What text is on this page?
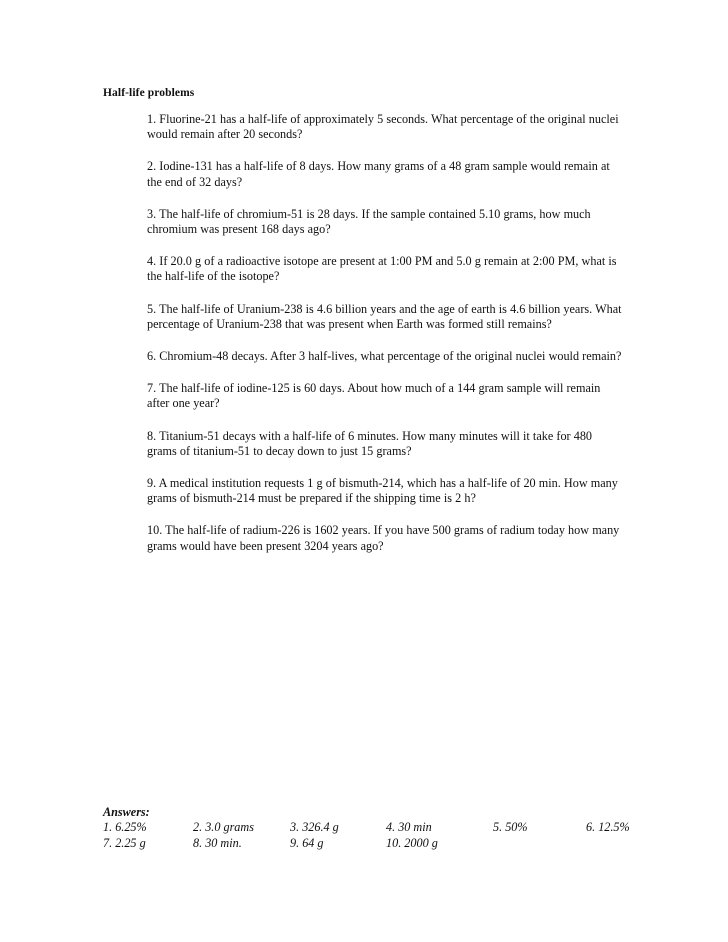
Half-life problems

1. Fluorine-21 has a half-life of approximately 5 seconds. What percentage of the original nuclei would remain after 20 seconds?

2. Iodine-131 has a half-life of 8 days. How many grams of a 48 gram sample would remain at the end of 32 days?

3. The half-life of chromium-51 is 28 days. If the sample contained 5.10 grams, how much chromium was present 168 days ago?

4. If 20.0 g of a radioactive isotope are present at 1:00 PM and 5.0 g remain at 2:00 PM, what is the half-life of the isotope?

5. The half-life of Uranium-238 is 4.6 billion years and the age of earth is 4.6 billion years. What percentage of Uranium-238 that was present when Earth was formed still remains?

6. Chromium-48 decays. After 3 half-lives, what percentage of the original nuclei would remain?

7. The half-life of iodine-125 is 60 days. About how much of a 144 gram sample will remain after one year?

8. Titanium-51 decays with a half-life of 6 minutes. How many minutes will it take for 480 grams of titanium-51 to decay down to just 15 grams?

9. A medical institution requests 1 g of bismuth-214, which has a half-life of 20 min. How many grams of bismuth-214 must be prepared if the shipping time is 2 h?

10. The half-life of radium-226 is 1602 years. If you have 500 grams of radium today how many grams would have been present 3204 years ago?

Answers:
1. 6.25%	2. 3.0 grams	3. 326.4 g	4. 30 min	5. 50%	6. 12.5%
7. 2.25 g	8. 30 min.	9. 64 g	10. 2000 g
